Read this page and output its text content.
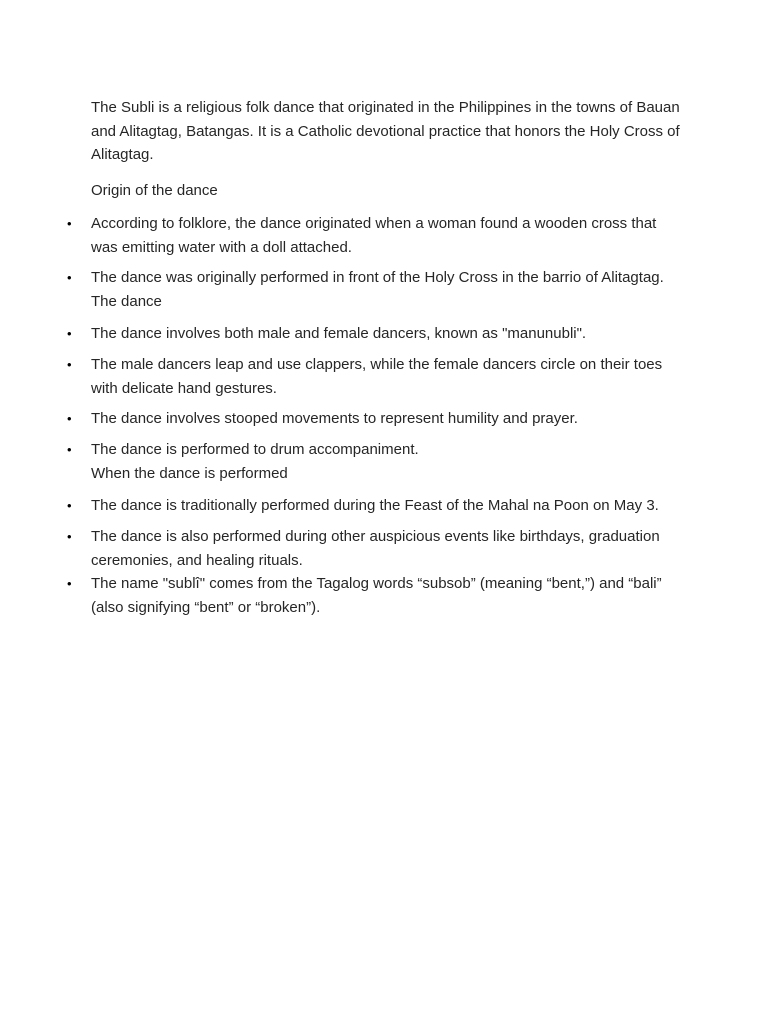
The Subli is a religious folk dance that originated in the Philippines in the towns of Bauan and Alitagtag, Batangas. It is a Catholic devotional practice that honors the Holy Cross of Alitagtag.

Origin of the dance
•	According to folklore, the dance originated when a woman found a wooden cross that was emitting water with a doll attached.
•	The dance was originally performed in front of the Holy Cross in the barrio of Alitagtag.
The dance
•	The dance involves both male and female dancers, known as "manunubli".
•	The male dancers leap and use clappers, while the female dancers circle on their toes with delicate hand gestures.
•	The dance involves stooped movements to represent humility and prayer.
•	The dance is performed to drum accompaniment.
When the dance is performed
•	The dance is traditionally performed during the Feast of the Mahal na Poon on May 3.
•	The dance is also performed during other auspicious events like birthdays, graduation ceremonies, and healing rituals.
•	The name "sublî" comes from the Tagalog words “subsob” (meaning “bent,”) and “bali” (also signifying “bent” or “broken”).
